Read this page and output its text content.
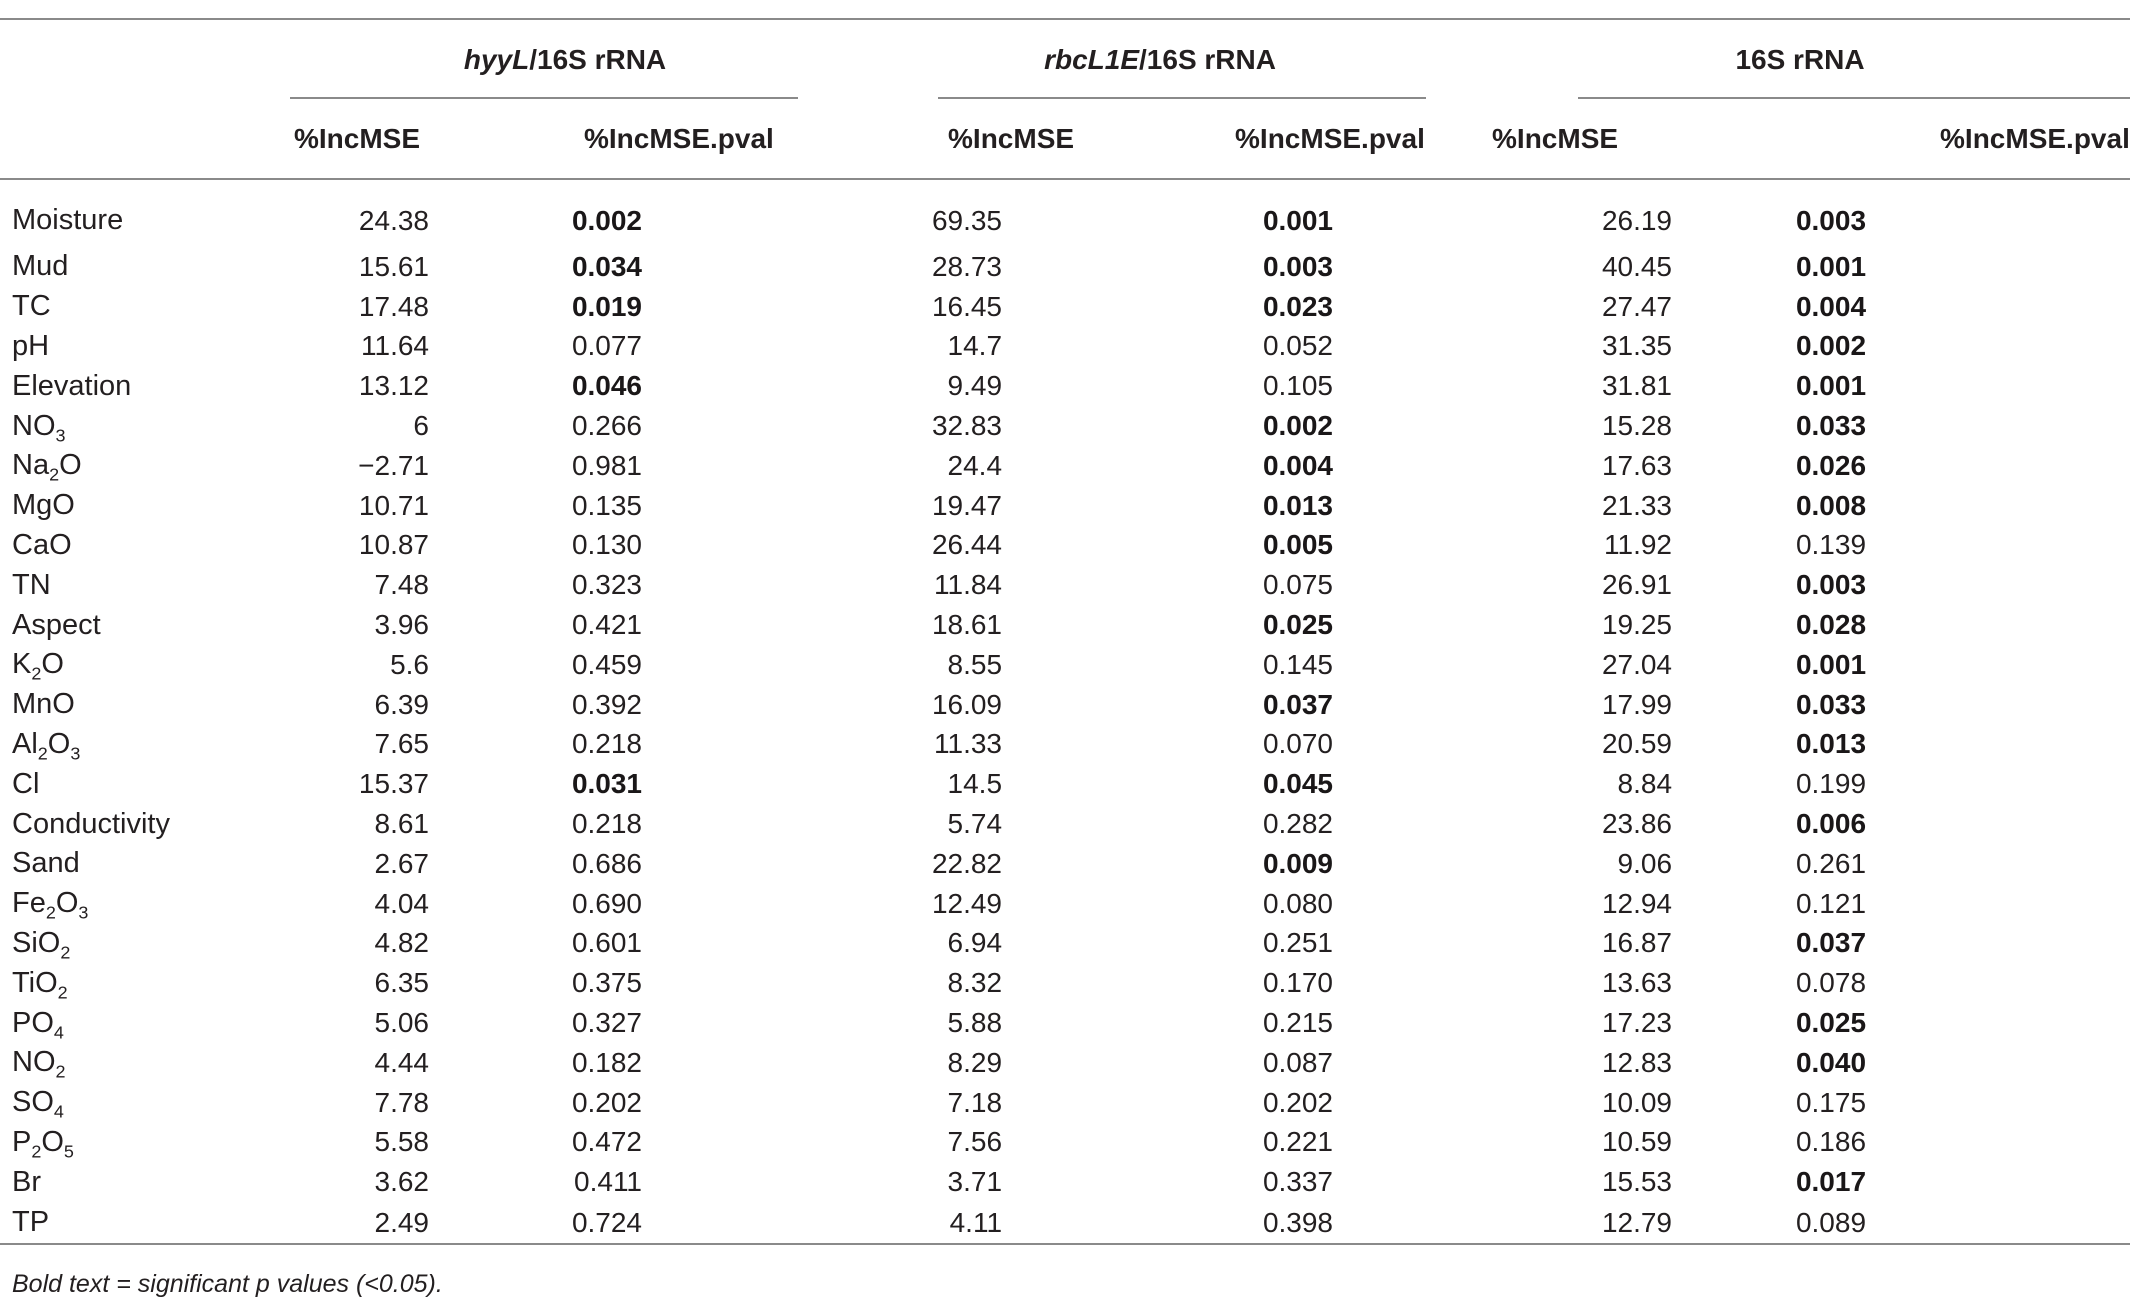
	hyyL/16S rRNA		rbcL1E/16S rRNA		16S rRNA	
	%IncMSE	%IncMSE.pval	%IncMSE	%IncMSE.pval	%IncMSE	%IncMSE.pval
Moisture	24.38	0.002	69.35	0.001	26.19	0.003
Mud	15.61	0.034	28.73	0.003	40.45	0.001
TC	17.48	0.019	16.45	0.023	27.47	0.004
pH	11.64	0.077	14.7	0.052	31.35	0.002
Elevation	13.12	0.046	9.49	0.105	31.81	0.001
$NO_3$	6	0.266	32.83	0.002	15.28	0.033
$Na_2O$	−2.71	0.981	24.4	0.004	17.63	0.026
MgO	10.71	0.135	19.47	0.013	21.33	0.008
CaO	10.87	0.130	26.44	0.005	11.92	0.139
TN	7.48	0.323	11.84	0.075	26.91	0.003
Aspect	3.96	0.421	18.61	0.025	19.25	0.028
$K_2O$	5.6	0.459	8.55	0.145	27.04	0.001
MnO	6.39	0.392	16.09	0.037	17.99	0.033
$Al_2O_3$	7.65	0.218	11.33	0.070	20.59	0.013
Cl	15.37	0.031	14.5	0.045	8.84	0.199
Conductivity	8.61	0.218	5.74	0.282	23.86	0.006
Sand	2.67	0.686	22.82	0.009	9.06	0.261
$Fe_2O_3$	4.04	0.690	12.49	0.080	12.94	0.121
SiO$_2$	4.82	0.601	6.94	0.251	16.87	0.037
TiO$_2$	6.35	0.375	8.32	0.170	13.63	0.078
$PO_4$	5.06	0.327	5.88	0.215	17.23	0.025
$NO_2$	4.44	0.182	8.29	0.087	12.83	0.040
$SO_4$	7.78	0.202	7.18	0.202	10.09	0.175
$P_2O_5$	5.58	0.472	7.56	0.221	10.59	0.186
Br	3.62	0.411	3.71	0.337	15.53	0.017
TP	2.49	0.724	4.11	0.398	12.79	0.089
Bold text = significant p values (<0.05).
